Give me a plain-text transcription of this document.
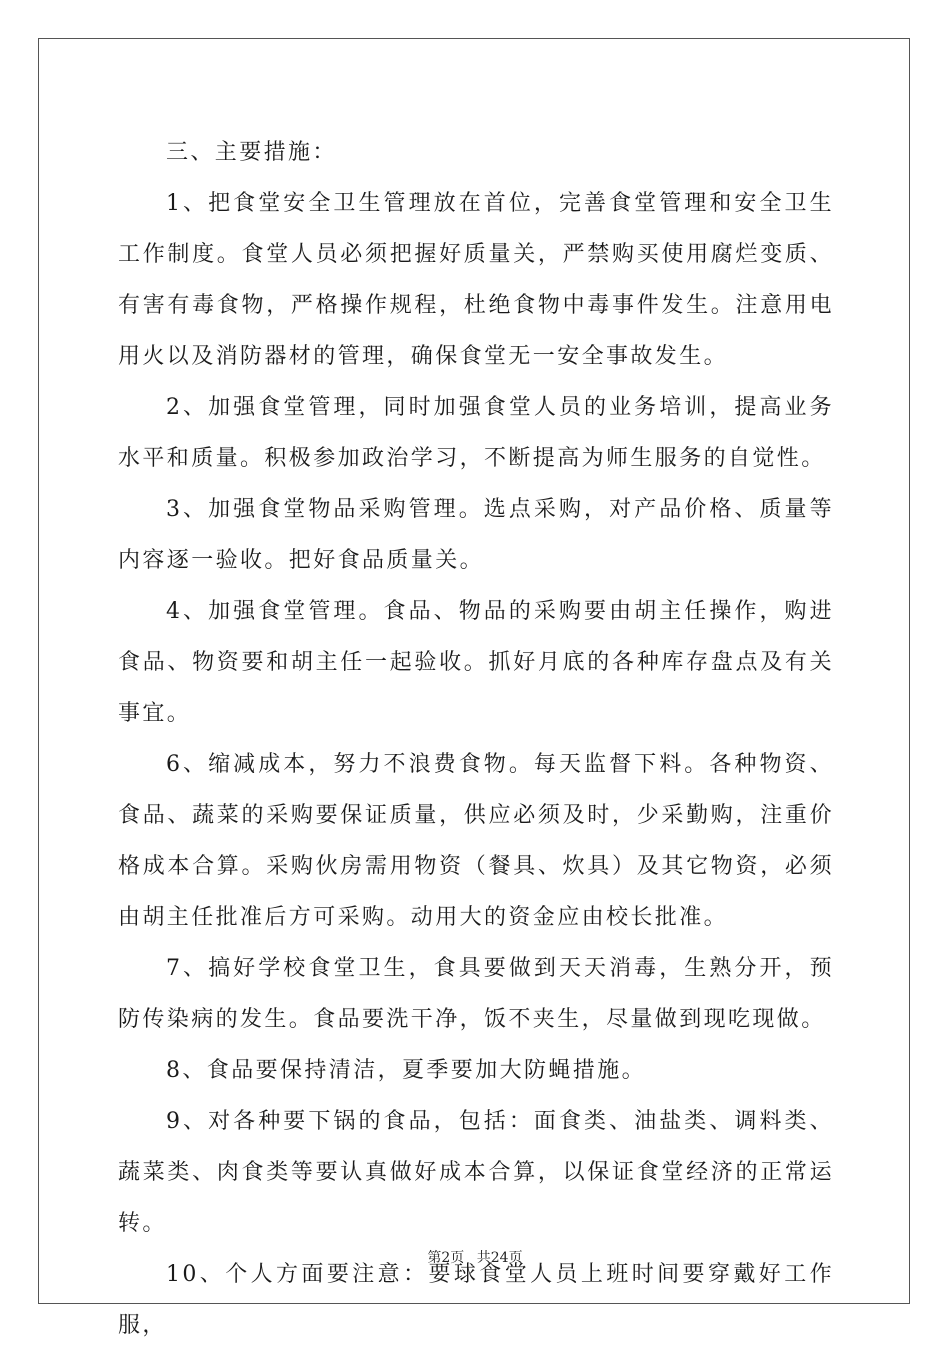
三、主要措施：

1、把食堂安全卫生管理放在首位，完善食堂管理和安全卫生工作制度。食堂人员必须把握好质量关，严禁购买使用腐烂变质、有害有毒食物，严格操作规程，杜绝食物中毒事件发生。注意用电用火以及消防器材的管理，确保食堂无一安全事故发生。

2、加强食堂管理，同时加强食堂人员的业务培训，提高业务水平和质量。积极参加政治学习，不断提高为师生服务的自觉性。

3、加强食堂物品采购管理。选点采购，对产品价格、质量等内容逐一验收。把好食品质量关。

4、加强食堂管理。食品、物品的采购要由胡主任操作，购进食品、物资要和胡主任一起验收。抓好月底的各种库存盘点及有关事宜。

6、缩减成本，努力不浪费食物。每天监督下料。各种物资、食品、蔬菜的采购要保证质量，供应必须及时，少采勤购，注重价格成本合算。采购伙房需用物资（餐具、炊具）及其它物资，必须由胡主任批准后方可采购。动用大的资金应由校长批准。

7、搞好学校食堂卫生，食具要做到天天消毒，生熟分开，预防传染病的发生。食品要洗干净，饭不夹生，尽量做到现吃现做。

8、食品要保持清洁，夏季要加大防蝇措施。

9、对各种要下锅的食品，包括：面食类、油盐类、调料类、蔬菜类、肉食类等要认真做好成本合算，以保证食堂经济的正常运转。

10、个人方面要注意：要球食堂人员上班时间要穿戴好工作服，

第2页 共24页
